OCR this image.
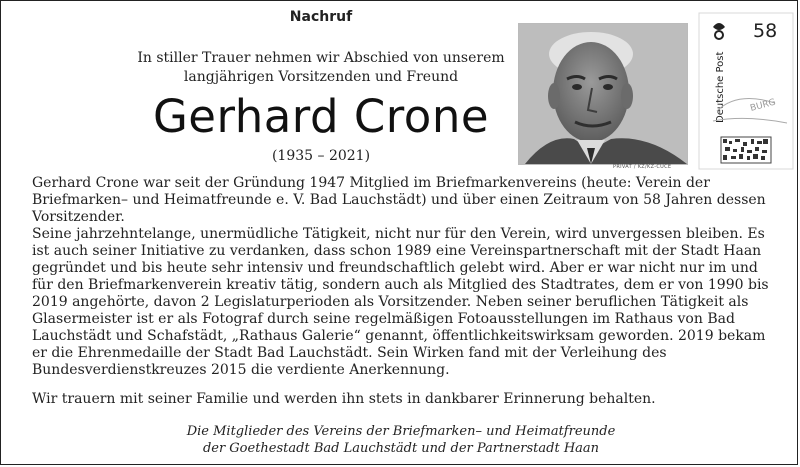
Nachruf
In stiller Trauer nehmen wir Abschied von unserem
langjährigen Vorsitzenden und Freund
Gerhard Crone
(1935 – 2021)
PRIVAT / KZ/KZ-CUCE
Deutsche Post	BURG
58

Gerhard Crone war seit der Gründung 1947 Mitglied im Briefmarkenvereins (heute: Verein der Briefmarken– und Heimatfreunde e. V. Bad Lauchstädt) und über einen Zeitraum von 58 Jahren dessen Vorsitzender.

Seine jahrzehntelange, unermüdliche Tätigkeit, nicht nur für den Verein, wird unvergessen bleiben. Es ist auch seiner Initiative zu verdanken, dass schon 1989 eine Vereinspartnerschaft mit der Stadt Haan gegründet und bis heute sehr intensiv und freundschaftlich gelebt wird. Aber er war nicht nur im und für den Briefmarkenverein kreativ tätig, sondern auch als Mitglied des Stadtrates, dem er von 1990 bis 2019 angehörte, davon 2 Legislaturperioden als Vorsitzender. Neben seiner beruflichen Tätigkeit als Glasermeister ist er als Fotograf durch seine regelmäßigen Fotoausstellungen im Rathaus von Bad Lauchstädt und Schafstädt, „Rathaus Galerie“ genannt, öffentlichkeitswirksam geworden. 2019 bekam er die Ehrenmedaille der Stadt Bad Lauchstädt. Sein Wirken fand mit der Verleihung des Bundesverdienstkreuzes 2015 die verdiente Anerkennung.

Wir trauern mit seiner Familie und werden ihn stets in dankbarer Erinnerung behalten.
Die Mitglieder des Vereins der Briefmarken– und Heimatfreunde
der Goethestadt Bad Lauchstädt und der Partnerstadt Haan
